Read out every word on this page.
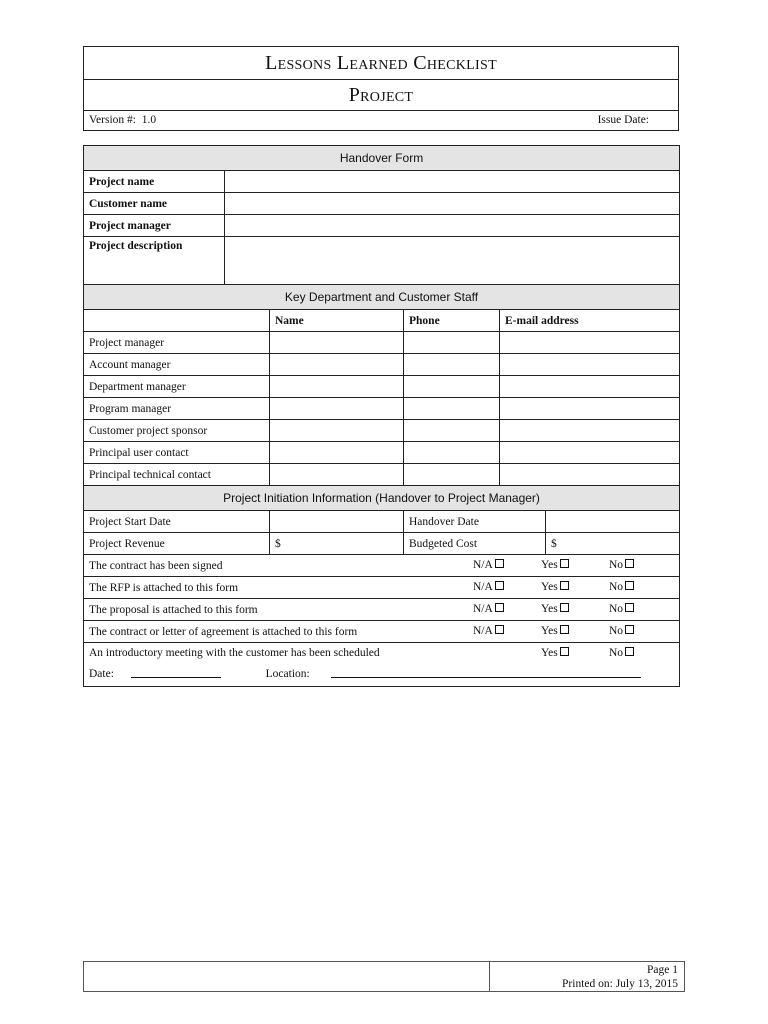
Lessons Learned Checklist
Project
Version #: 1.0	Issue Date:
Handover Form					
Project name					
Customer name					
Project manager					
Project description					
Key Department and Customer Staff					
		Name	Phone	E-mail address	
Project manager					
Account manager					
Department manager					
Program manager					
Customer project sponsor					
Principal user contact					
Principal technical contact					
Project Initiation Information (Handover to Project Manager)					
Project Start Date			Handover Date		
Project Revenue		$	Budgeted Cost		$
The contract has been signed N/A Yes No					

The RFP is attached to this form N/A Yes No					

The proposal is attached to this form N/A Yes No					

The contract or letter of agreement is attached to this form N/A Yes No					

An introductory meeting with the customer has been scheduled Yes No
Date: Location:					
Page 1
Printed on: July 13, 2015
